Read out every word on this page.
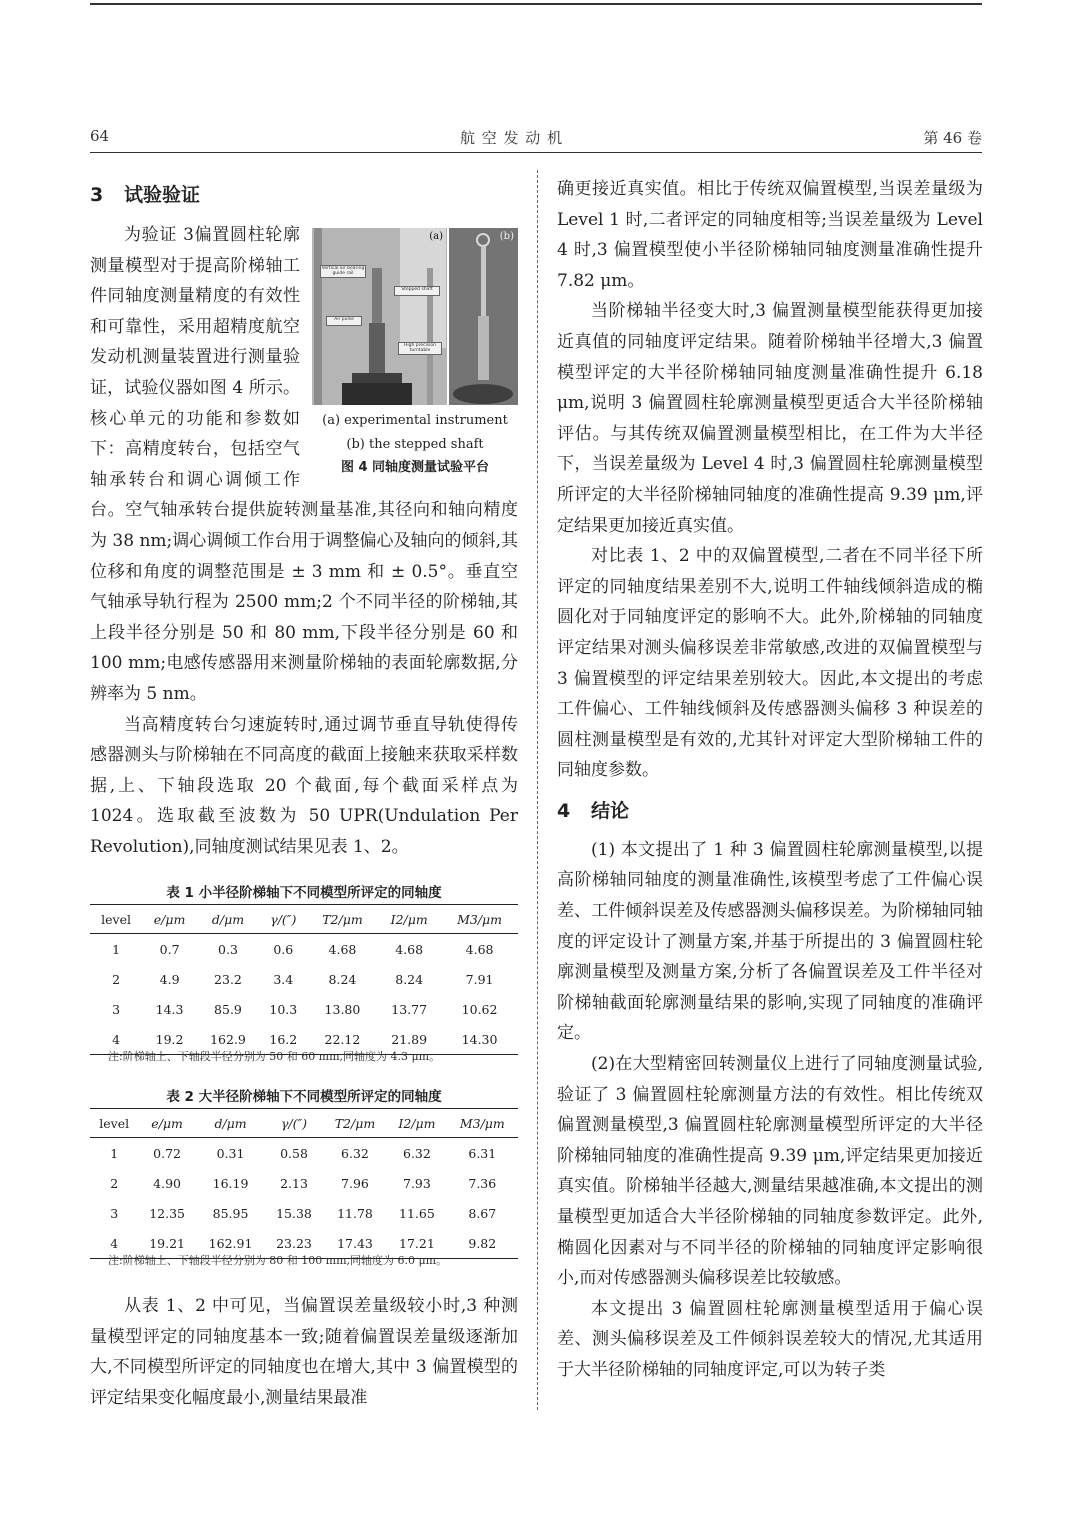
64	航 空 发 动 机	第 46 卷
3 试验验证

为验证 3偏置圆柱轮廓测量模型对于提高阶梯轴工件同轴度测量精度的有效性和可靠性，采用超精度航空发动机测量装置进行测量验证，试验仪器如图 4 所示。核心单元的功能和参数如下：高精度转台，包括空气轴承转台和调心调倾工作台。空气轴承转台提供旋转测量基准,其径向和轴向精度为 38 nm;调心调倾工作台用于调整偏心及轴向的倾斜,其位移和角度的调整范围是 ± 3 mm 和 ± 0.5°。垂直空气轴承导轨行程为 2500 mm;2 个不同半径的阶梯轴,其上段半径分别是 50 和 80 mm,下段半径分别是 60 和 100 mm;电感传感器用来测量阶梯轴的表面轮廓数据,分辨率为 5 nm。

当高精度转台匀速旋转时,通过调节垂直导轨使得传感器测头与阶梯轴在不同高度的截面上接触来获取采样数据,上、下轴段选取 20 个截面,每个截面采样点为 1024。选取截至波数为 50 UPR(Undulation Per Revolution),同轴度测试结果见表 1、2。

(a)
Vertical air bearing guide rail
Stepped shaft
Air pulse
High precision turntable
(b)
(a) experimental instrument
(b) the stepped shaft
图 4 同轴度测量试验平台
表 1 小半径阶梯轴下不同模型所评定的同轴度
level	e/μm	d/μm	γ/(″)	T2/μm	I2/μm	M3/μm
1	0.7	0.3	0.6	4.68	4.68	4.68
2	4.9	23.2	3.4	8.24	8.24	7.91
3	14.3	85.9	10.3	13.80	13.77	10.62
4	19.2	162.9	16.2	22.12	21.89	14.30
注:阶梯轴上、下轴段半径分别为 50 和 60 mm,同轴度为 4.3 μm。
表 2 大半径阶梯轴下不同模型所评定的同轴度
level	e/μm	d/μm	γ/(″)	T2/μm	I2/μm	M3/μm
1	0.72	0.31	0.58	6.32	6.32	6.31
2	4.90	16.19	2.13	7.96	7.93	7.36
3	12.35	85.95	15.38	11.78	11.65	8.67
4	19.21	162.91	23.23	17.43	17.21	9.82
注:阶梯轴上、下轴段半径分别为 80 和 100 mm,同轴度为 6.0 μm。

从表 1、2 中可见，当偏置误差量级较小时,3 种测量模型评定的同轴度基本一致;随着偏置误差量级逐渐加大,不同模型所评定的同轴度也在增大,其中 3 偏置模型的评定结果变化幅度最小,测量结果最准

确更接近真实值。相比于传统双偏置模型,当误差量级为 Level 1 时,二者评定的同轴度相等;当误差量级为 Level 4 时,3 偏置模型使小半径阶梯轴同轴度测量准确性提升 7.82 μm。

当阶梯轴半径变大时,3 偏置测量模型能获得更加接近真值的同轴度评定结果。随着阶梯轴半径增大,3 偏置模型评定的大半径阶梯轴同轴度测量准确性提升 6.18 μm,说明 3 偏置圆柱轮廓测量模型更适合大半径阶梯轴评估。与其传统双偏置测量模型相比，在工件为大半径下，当误差量级为 Level 4 时,3 偏置圆柱轮廓测量模型所评定的大半径阶梯轴同轴度的准确性提高 9.39 μm,评定结果更加接近真实值。

对比表 1、2 中的双偏置模型,二者在不同半径下所评定的同轴度结果差别不大,说明工件轴线倾斜造成的椭圆化对于同轴度评定的影响不大。此外,阶梯轴的同轴度评定结果对测头偏移误差非常敏感,改进的双偏置模型与 3 偏置模型的评定结果差别较大。因此,本文提出的考虑工件偏心、工件轴线倾斜及传感器测头偏移 3 种误差的圆柱测量模型是有效的,尤其针对评定大型阶梯轴工件的同轴度参数。

4 结论

(1) 本文提出了 1 种 3 偏置圆柱轮廓测量模型,以提高阶梯轴同轴度的测量准确性,该模型考虑了工件偏心误差、工件倾斜误差及传感器测头偏移误差。为阶梯轴同轴度的评定设计了测量方案,并基于所提出的 3 偏置圆柱轮廓测量模型及测量方案,分析了各偏置误差及工件半径对阶梯轴截面轮廓测量结果的影响,实现了同轴度的准确评定。

(2)在大型精密回转测量仪上进行了同轴度测量试验,验证了 3 偏置圆柱轮廓测量方法的有效性。相比传统双偏置测量模型,3 偏置圆柱轮廓测量模型所评定的大半径阶梯轴同轴度的准确性提高 9.39 μm,评定结果更加接近真实值。阶梯轴半径越大,测量结果越准确,本文提出的测量模型更加适合大半径阶梯轴的同轴度参数评定。此外,椭圆化因素对与不同半径的阶梯轴的同轴度评定影响很小,而对传感器测头偏移误差比较敏感。

本文提出 3 偏置圆柱轮廓测量模型适用于偏心误差、测头偏移误差及工件倾斜误差较大的情况,尤其适用于大半径阶梯轴的同轴度评定,可以为转子类
